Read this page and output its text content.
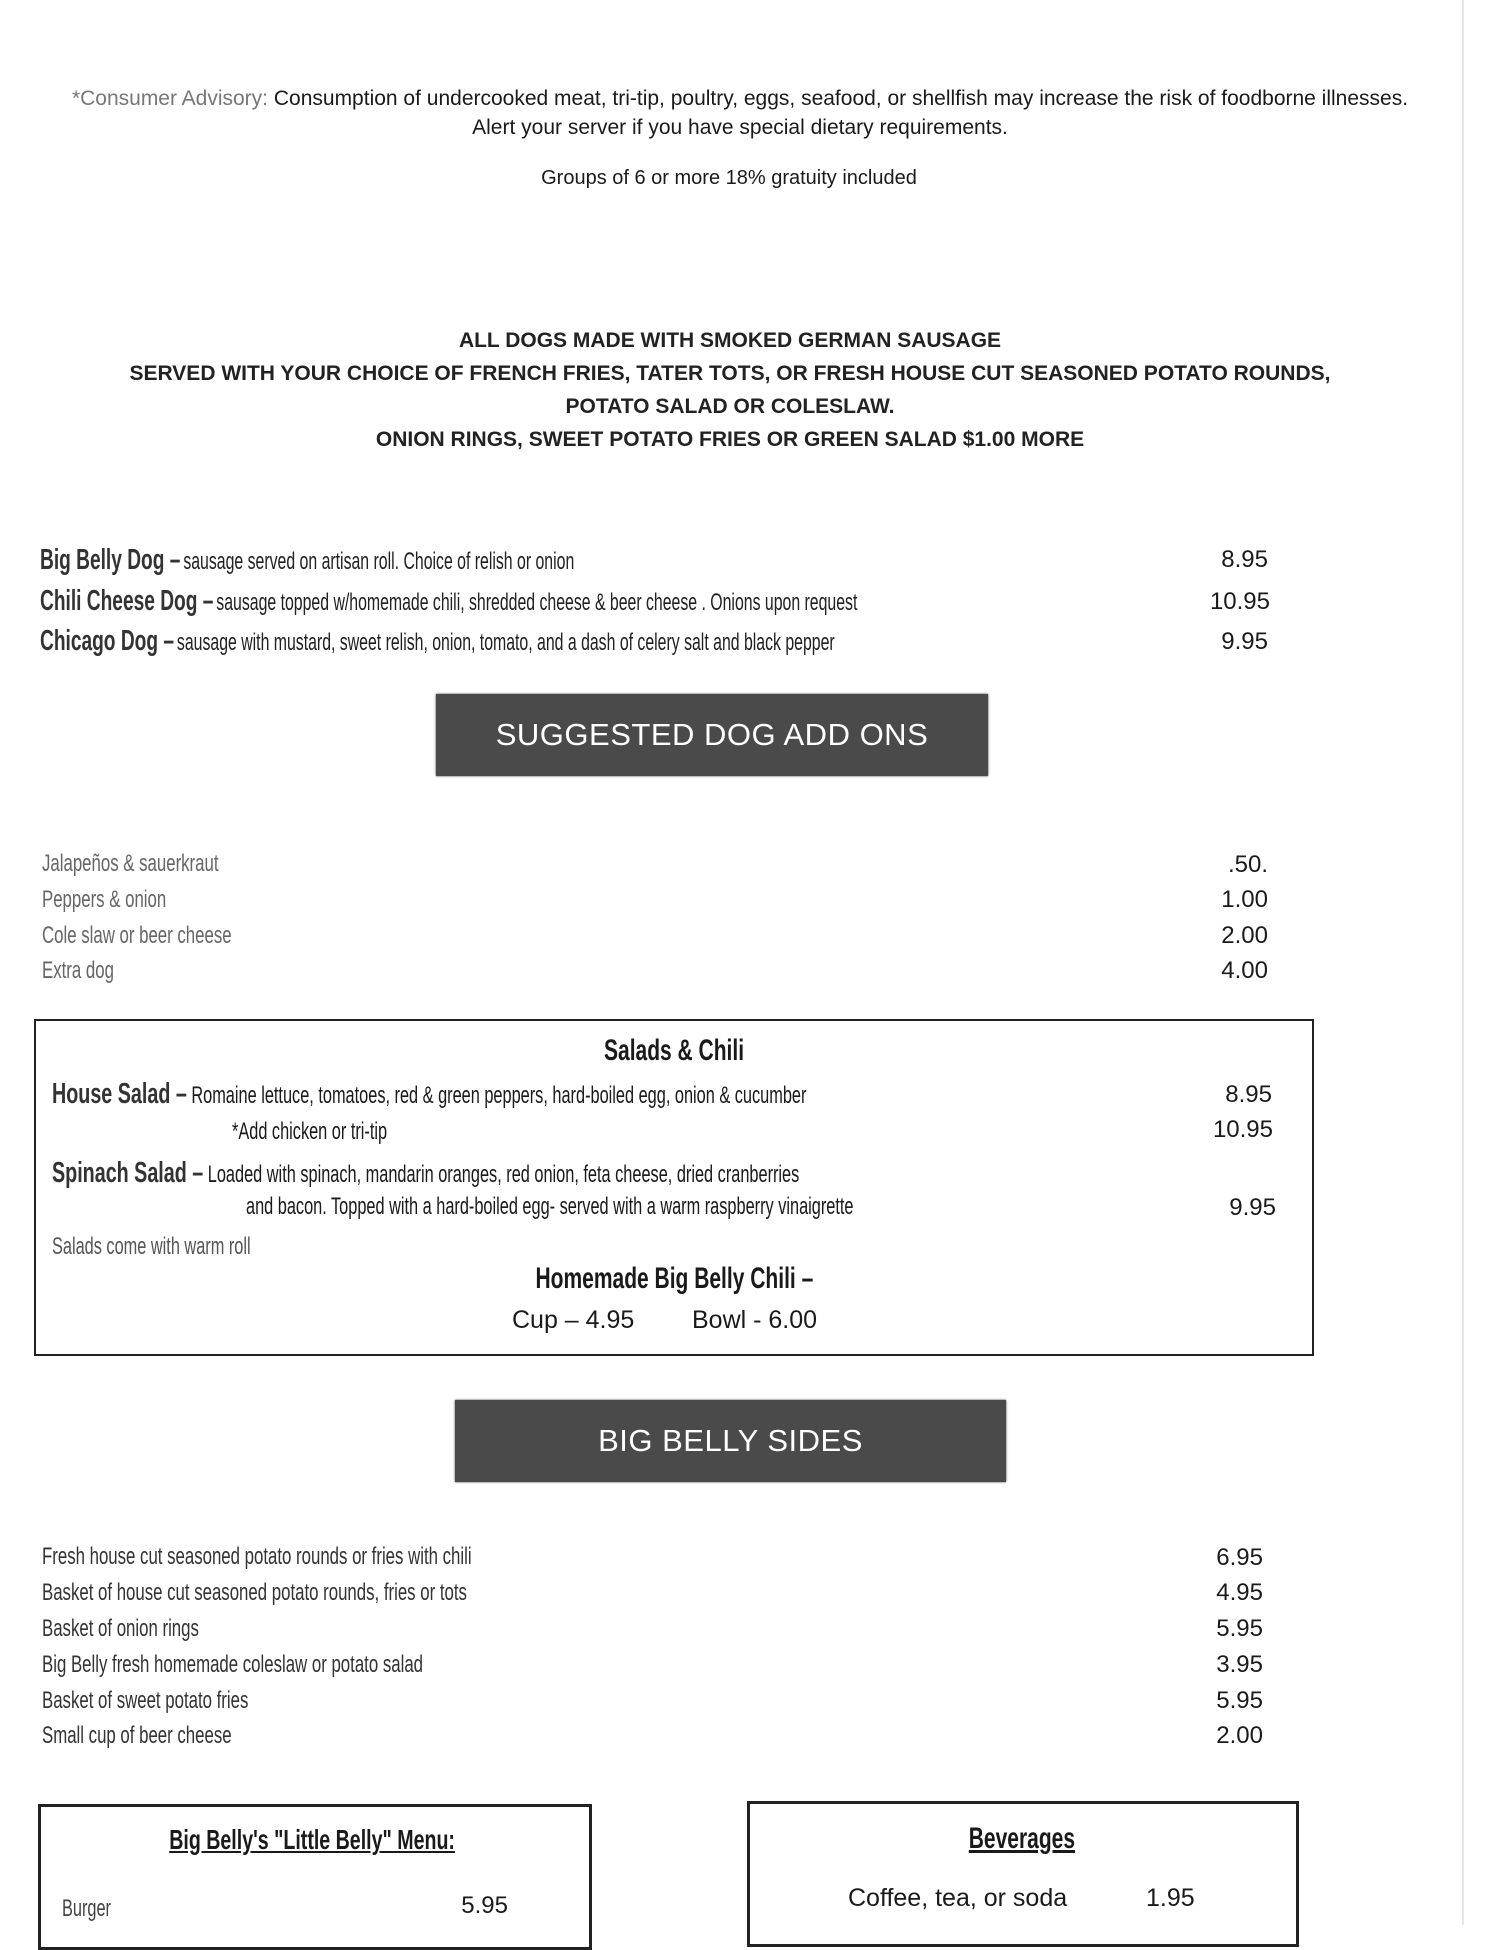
*Consumer Advisory: Consumption of undercooked meat, tri-tip, poultry, eggs, seafood, or shellfish may increase the risk of foodborne illnesses. Alert your server if you have special dietary requirements.
Groups of 6 or more 18% gratuity included
ALL DOGS MADE WITH SMOKED GERMAN SAUSAGE
SERVED WITH YOUR CHOICE OF FRENCH FRIES, TATER TOTS, OR FRESH HOUSE CUT SEASONED POTATO ROUNDS,
POTATO SALAD OR COLESLAW.
ONION RINGS, SWEET POTATO FRIES OR GREEN SALAD $1.00 MORE
Big Belly Dog – sausage served on artisan roll. Choice of relish or onion	8.95
Chili Cheese Dog – sausage topped w/homemade chili, shredded cheese & beer cheese . Onions upon request	10.95
Chicago Dog – sausage with mustard, sweet relish, onion, tomato, and a dash of celery salt and black pepper	9.95
SUGGESTED DOG ADD ONS
Jalapeños & sauerkraut	.50.
Peppers & onion	1.00
Cole slaw or beer cheese	2.00
Extra dog	4.00
Salads & Chili
House Salad – Romaine lettuce, tomatoes, red & green peppers, hard-boiled egg, onion & cucumber	8.95
*Add chicken or tri-tip	10.95
Spinach Salad – Loaded with spinach, mandarin oranges, red onion, feta cheese, dried cranberries
and bacon. Topped with a hard-boiled egg- served with a warm raspberry vinaigrette	9.95
Salads come with warm roll
Homemade Big Belly Chili –
Cup – 4.95 Bowl - 6.00
BIG BELLY SIDES
Fresh house cut seasoned potato rounds or fries with chili	6.95
Basket of house cut seasoned potato rounds, fries or tots	4.95
Basket of onion rings	5.95
Big Belly fresh homemade coleslaw or potato salad	3.95
Basket of sweet potato fries	5.95
Small cup of beer cheese	2.00
Big Belly's "Little Belly" Menu:
Burger	5.95
Beverages
Coffee, tea, or soda	1.95
